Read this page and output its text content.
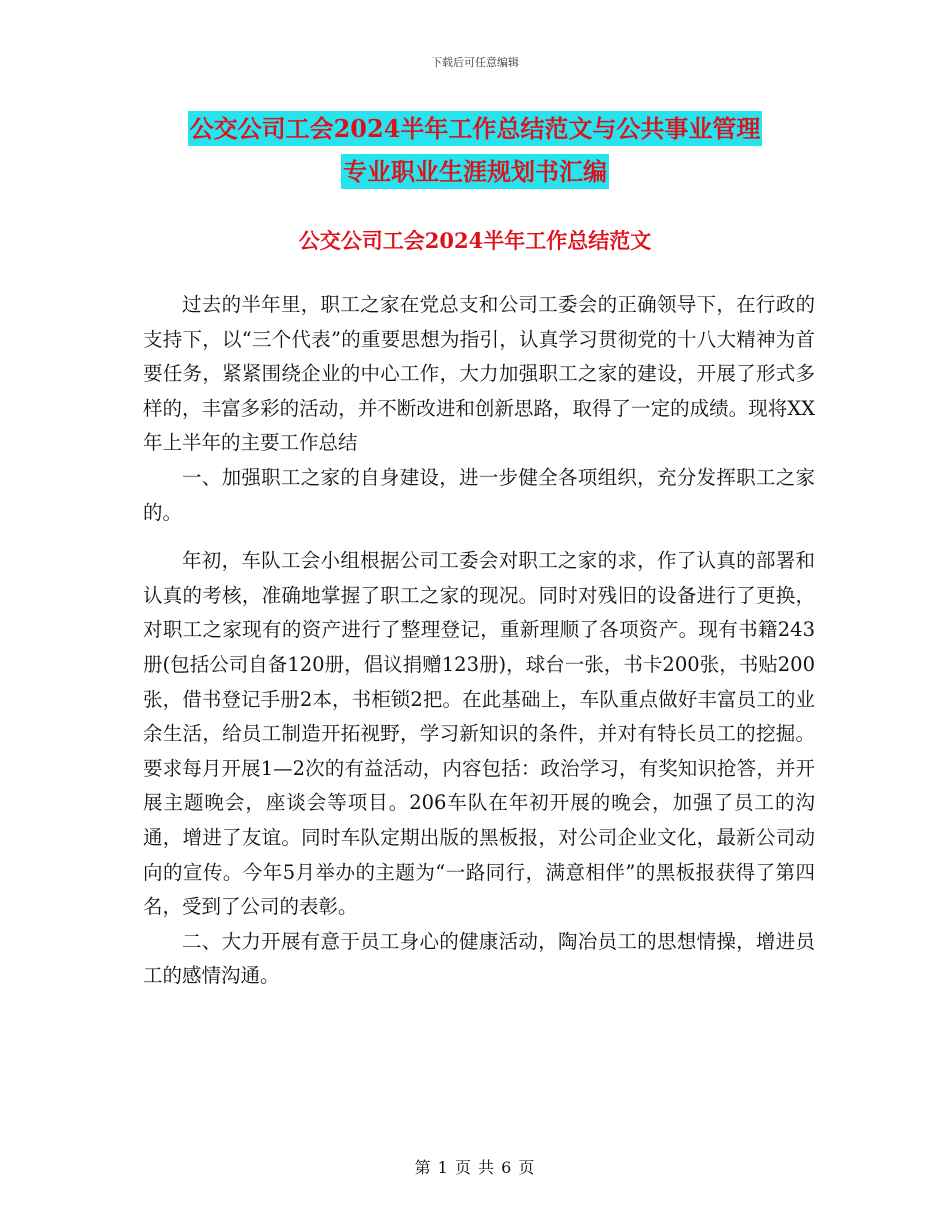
下载后可任意编辑
公交公司工会2024半年工作总结范文与公共事业管理
专业职业生涯规划书汇编
公交公司工会2024半年工作总结范文

过去的半年里，职工之家在党总支和公司工委会的正确领导下，在行政的支持下，以“三个代表”的重要思想为指引，认真学习贯彻党的十八大精神为首要任务，紧紧围绕企业的中心工作，大力加强职工之家的建设，开展了形式多样的，丰富多彩的活动，并不断改进和创新思路，取得了一定的成绩。现将XX年上半年的主要工作总结

一、加强职工之家的自身建设，进一步健全各项组织，充分发挥职工之家的。

年初，车队工会小组根据公司工委会对职工之家的求，作了认真的部署和认真的考核，准确地掌握了职工之家的现况。同时对残旧的设备进行了更换，对职工之家现有的资产进行了整理登记，重新理顺了各项资产。现有书籍243册(包括公司自备120册，倡议捐赠123册)，球台一张，书卡200张，书贴200张，借书登记手册2本，书柜锁2把。在此基础上，车队重点做好丰富员工的业余生活，给员工制造开拓视野，学习新知识的条件，并对有特长员工的挖掘。要求每月开展1—2次的有益活动，内容包括：政治学习，有奖知识抢答，并开展主题晚会，座谈会等项目。206车队在年初开展的晚会，加强了员工的沟通，增进了友谊。同时车队定期出版的黑板报，对公司企业文化，最新公司动向的宣传。今年5月举办的主题为“一路同行，满意相伴”的黑板报获得了第四名，受到了公司的表彰。

二、大力开展有意于员工身心的健康活动，陶冶员工的思想情操，增进员工的感情沟通。

第 1 页 共 6 页
